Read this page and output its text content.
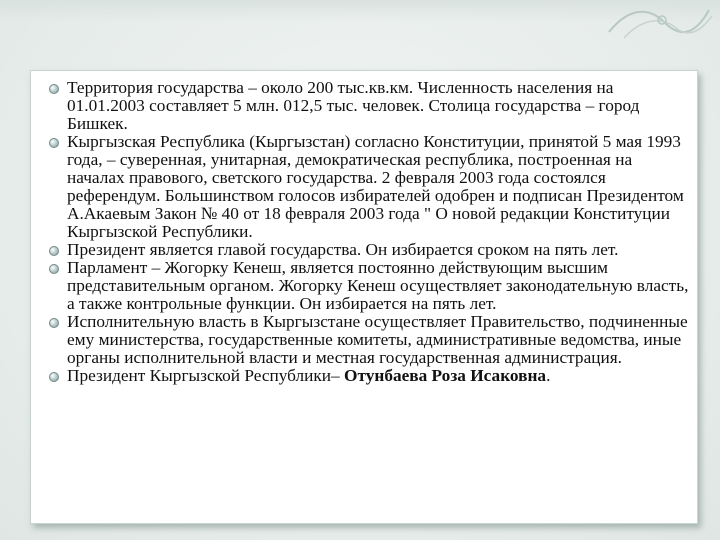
Территория государства – около 200 тыс.кв.км. Численность населения на 01.01.2003 составляет 5 млн. 012,5 тыс. человек. Столица государства – город Бишкек.
Кыргызская Республика (Кыргызстан) согласно Конституции, принятой 5 мая 1993 года, – суверенная, унитарная, демократическая республика, построенная на началах правового, светского государства. 2 февраля 2003 года состоялся референдум. Большинством голосов избирателей одобрен и подписан Президентом А.Акаевым Закон № 40 от 18 февраля 2003 года " О новой редакции Конституции Кыргызской Республики.
Президент является главой государства. Он избирается сроком на пять лет.
Парламент – Жогорку Кенеш, является постоянно действующим высшим представительным органом. Жогорку Кенеш осуществляет законодательную власть, а также контрольные функции. Он избирается на пять лет.
Исполнительную власть в Кыргызстане осуществляет Правительство, подчиненные ему министерства, государственные комитеты, административные ведомства, иные органы исполнительной власти и местная государственная администрация.
Президент Кыргызской Республики– Отунбаева Роза Исаковна.
